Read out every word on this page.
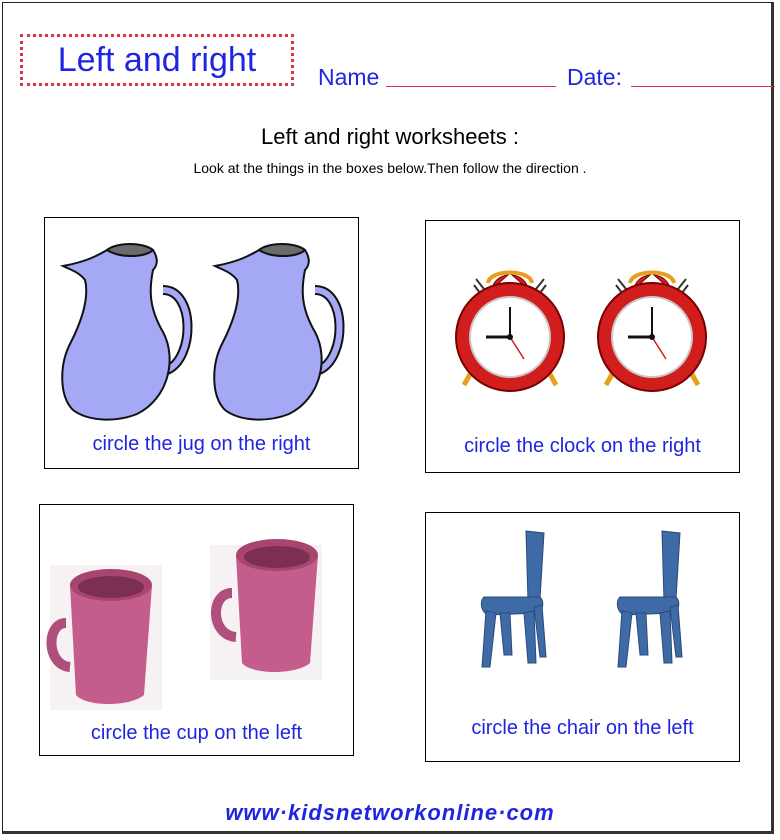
Left and right	Name	Date:
Left and right worksheets :
Look at the things in the boxes below.Then follow the direction .
circle the jug on the right	circle the clock on the right
circle the cup on the left	circle the chair on the left
www·kidsnetworkonline·com
